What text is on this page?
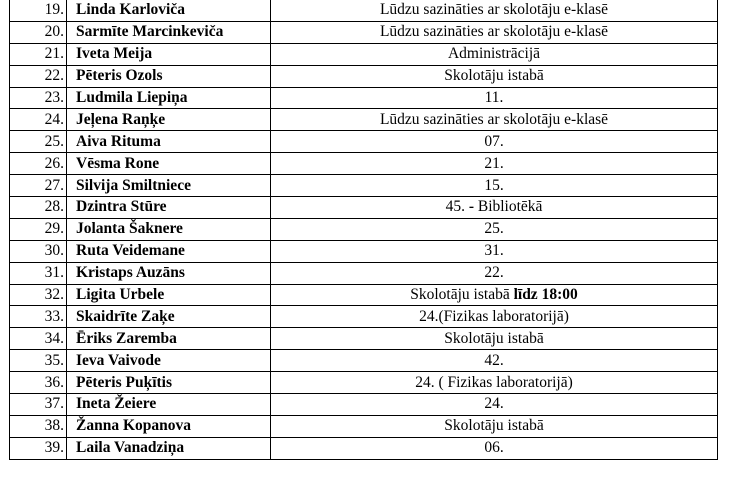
19.	Linda Karloviča	Lūdzu sazināties ar skolotāju e-klasē
20.	Sarmīte Marcinkeviča	Lūdzu sazināties ar skolotāju e-klasē
21.	Iveta Meija	Administrācijā
22.	Pēteris Ozols	Skolotāju istabā
23.	Ludmila Liepiņa	11.
24.	Jeļena Raņķe	Lūdzu sazināties ar skolotāju e-klasē
25.	Aiva Rituma	07.
26.	Vēsma Rone	21.
27.	Silvija Smiltniece	15.
28.	Dzintra Stūre	45. - Bibliotēkā
29.	Jolanta Šaknere	25.
30.	Ruta Veidemane	31.
31.	Kristaps Auzāns	22.
32.	Ligita Urbele	Skolotāju istabā līdz 18:00
33.	Skaidrīte Zaķe	24.(Fizikas laboratorijā)
34.	Ēriks Zaremba	Skolotāju istabā
35.	Ieva Vaivode	42.
36.	Pēteris Puķītis	24. ( Fizikas laboratorijā)
37.	Ineta Žeiere	24.
38.	Žanna Kopanova	Skolotāju istabā
39.	Laila Vanadziņa	06.
